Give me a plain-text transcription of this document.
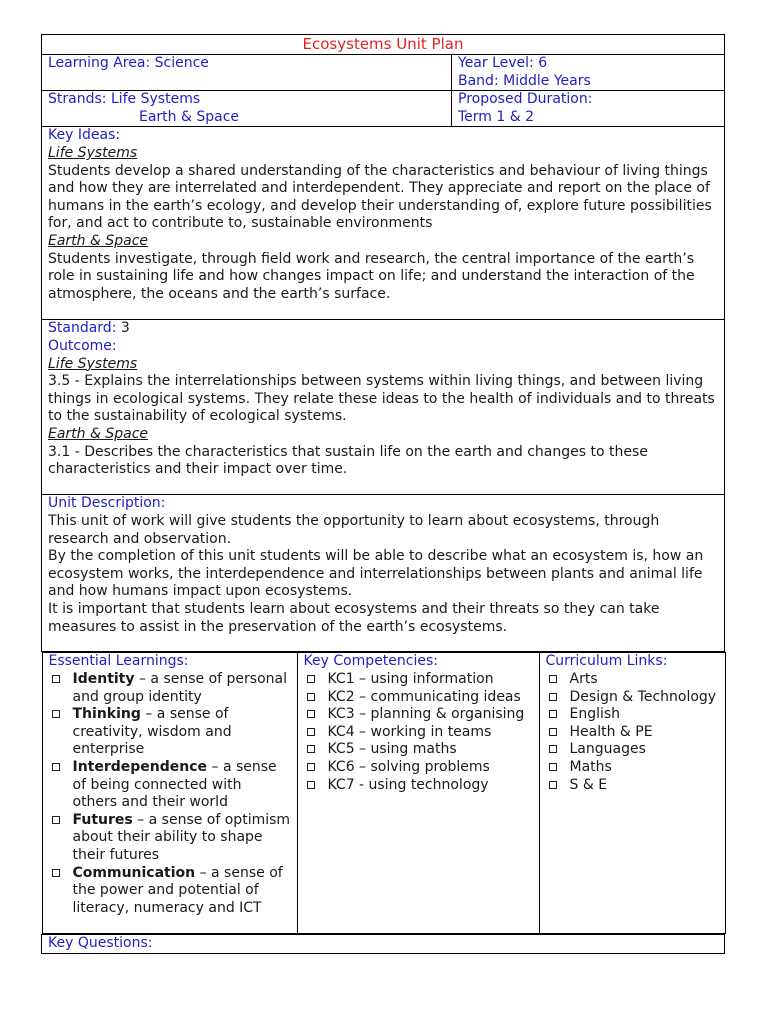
Ecosystems Unit Plan
Learning Area: Science	Year Level: 6
Band: Middle Years

Strands: Life Systems
Earth & Space

Proposed Duration:
Term 1 & 2

Key Ideas:
Life Systems

Students develop a shared understanding of the characteristics and behaviour of living things and how they are interrelated and interdependent. They appreciate and report on the place of humans in the earth’s ecology, and develop their understanding of, explore future possibilities for, and act to contribute to, sustainable environments

Earth & Space

Students investigate, through field work and research, the central importance of the earth’s role in sustaining life and how changes impact on life; and understand the interaction of the atmosphere, the oceans and the earth’s surface.

Standard: 3
Outcome:
Life Systems

3.5 - Explains the interrelationships between systems within living things, and between living things in ecological systems. They relate these ideas to the health of individuals and to threats to the sustainability of ecological systems.

Earth & Space

3.1 - Describes the characteristics that sustain life on the earth and changes to these characteristics and their impact over time.

Unit Description:

This unit of work will give students the opportunity to learn about ecosystems, through research and observation.

By the completion of this unit students will be able to describe what an ecosystem is, how an ecosystem works, the interdependence and interrelationships between plants and animal life and how humans impact upon ecosystems.

It is important that students learn about ecosystems and their threats so they can take measures to assist in the preservation of the earth’s ecosystems.

Essential Learnings:
Identity – a sense of personal and group identity
Thinking – a sense of creativity, wisdom and enterprise
Interdependence – a sense of being connected with others and their world
Futures – a sense of optimism about their ability to shape their futures
Communication – a sense of the power and potential of literacy, numeracy and ICT

Key Competencies:
KC1 – using information
KC2 – communicating ideas
KC3 – planning & organising
KC4 – working in teams
KC5 – using maths
KC6 – solving problems
KC7 - using technology

Curriculum Links:
Arts
Design & Technology
English
Health & PE
Languages
Maths
S & E

Key Questions:
